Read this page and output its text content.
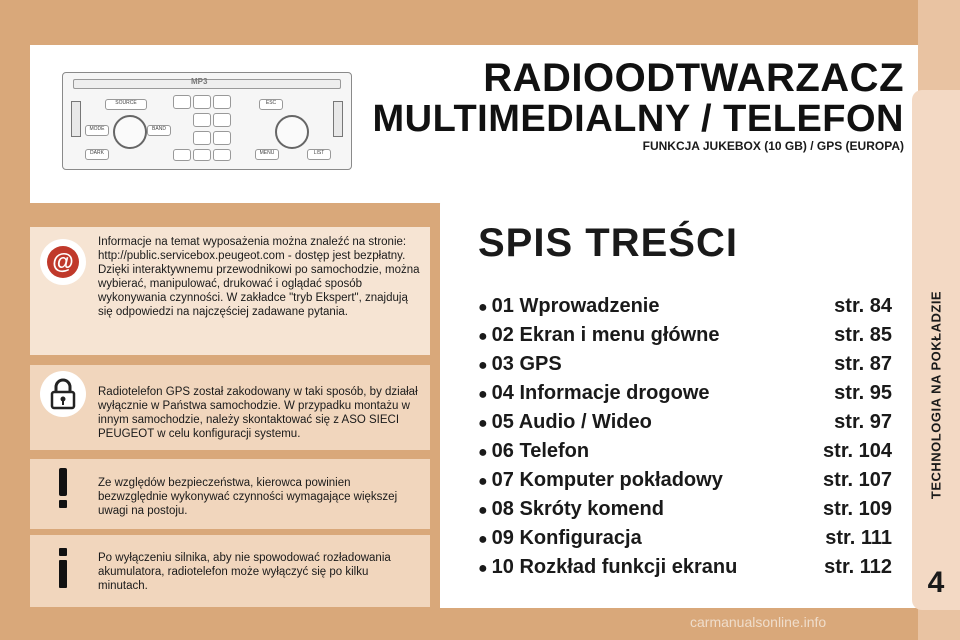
MP3
SOURCE
MODE	BAND
DARK
ESC
MENU	LIST
RADIOODTWARZACZ
MULTIMEDIALNY / TELEFON
FUNKCJA JUKEBOX (10 GB) / GPS (EUROPA)
@
Informacje na temat wyposażenia można znaleźć na stronie: http://public.servicebox.peugeot.com - dostęp jest bezpłatny. Dzięki interaktywnemu przewodnikowi po samochodzie, można wybierać, manipulować, drukować i oglądać sposób wykonywania czynności. W zakładce "tryb Ekspert", znajdują się odpowiedzi na najczęściej zadawane pytania.
Radiotelefon GPS został zakodowany w taki sposób, by działał wyłącznie w Państwa samochodzie. W przypadku montażu w innym samochodzie, należy skontaktować się z ASO SIECI PEUGEOT w celu konfiguracji systemu.
Ze względów bezpieczeństwa, kierowca powinien bezwzględnie wykonywać czynności wymagające większej uwagi na postoju.
Po wyłączeniu silnika, aby nie spowodować rozładowania akumulatora, radiotelefon może wyłączyć się po kilku minutach.
SPIS TREŚCI
● 01 Wprowadzenie	str. 84
● 02 Ekran i menu główne	str. 85
● 03 GPS	str. 87
● 04 Informacje drogowe	str. 95
● 05 Audio / Wideo	str. 97
● 06 Telefon	str. 104
● 07 Komputer pokładowy	str. 107
● 08 Skróty komend	str. 109
● 09 Konfiguracja	str. 111
● 10 Rozkład funkcji ekranu	str. 112
TECHNOLOGIA NA POKŁADZIE
4
carmanualsonline.info
